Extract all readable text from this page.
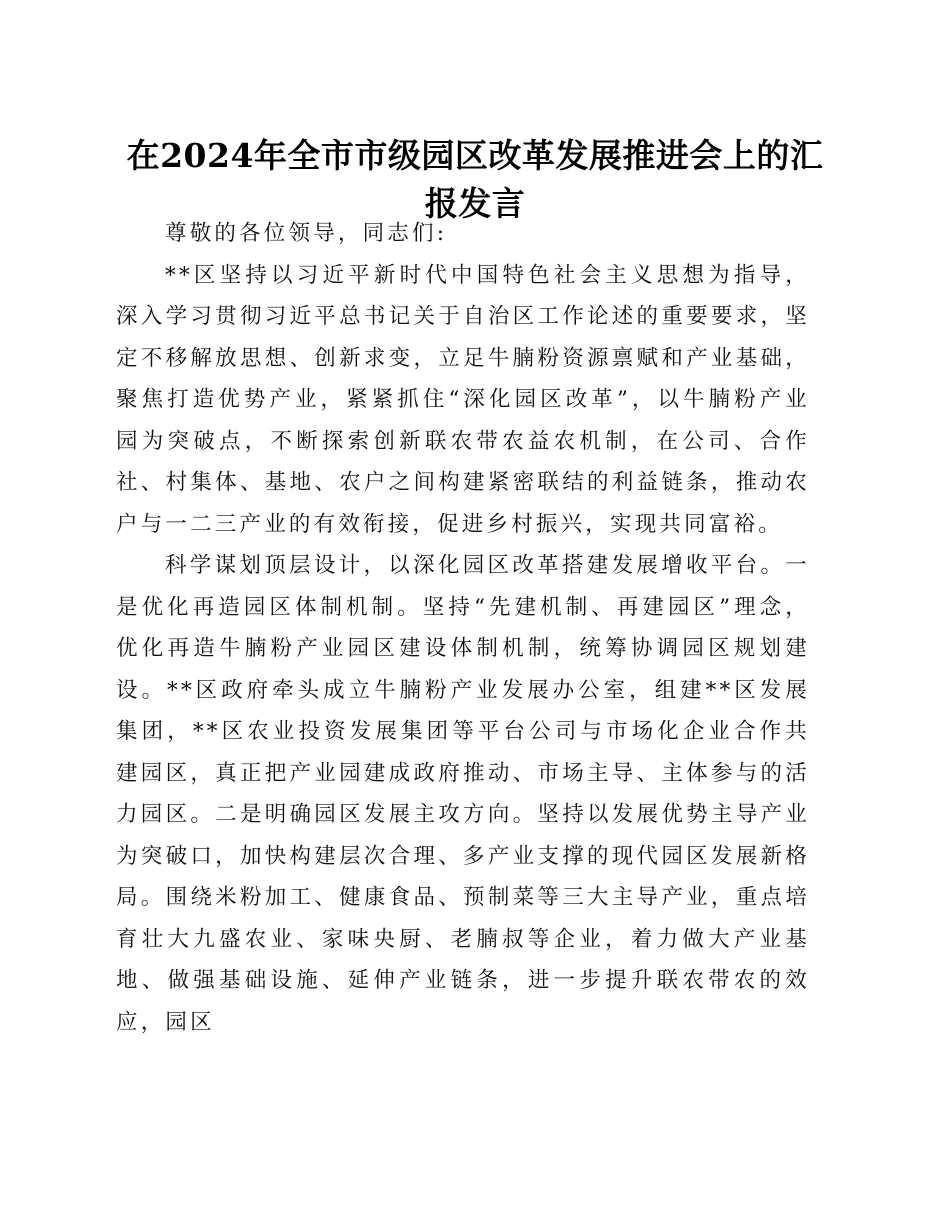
在2024年全市市级园区改革发展推进会上的汇报发言

尊敬的各位领导，同志们:

**区坚持以习近平新时代中国特色社会主义思想为指导，深入学习贯彻习近平总书记关于自治区工作论述的重要要求，坚定不移解放思想、创新求变，立足牛腩粉资源禀赋和产业基础，聚焦打造优势产业，紧紧抓住“深化园区改革”，以牛腩粉产业园为突破点，不断探索创新联农带农益农机制，在公司、合作社、村集体、基地、农户之间构建紧密联结的利益链条，推动农户与一二三产业的有效衔接，促进乡村振兴，实现共同富裕。

科学谋划顶层设计，以深化园区改革搭建发展增收平台。一是优化再造园区体制机制。坚持“先建机制、再建园区”理念，优化再造牛腩粉产业园区建设体制机制，统筹协调园区规划建设。**区政府牵头成立牛腩粉产业发展办公室，组建**区发展集团，**区农业投资发展集团等平台公司与市场化企业合作共建园区，真正把产业园建成政府推动、市场主导、主体参与的活力园区。二是明确园区发展主攻方向。坚持以发展优势主导产业为突破口，加快构建层次合理、多产业支撑的现代园区发展新格局。围绕米粉加工、健康食品、预制菜等三大主导产业，重点培育壮大九盛农业、家味央厨、老腩叔等企业，着力做大产业基地、做强基础设施、延伸产业链条，进一步提升联农带农的效应，园区
